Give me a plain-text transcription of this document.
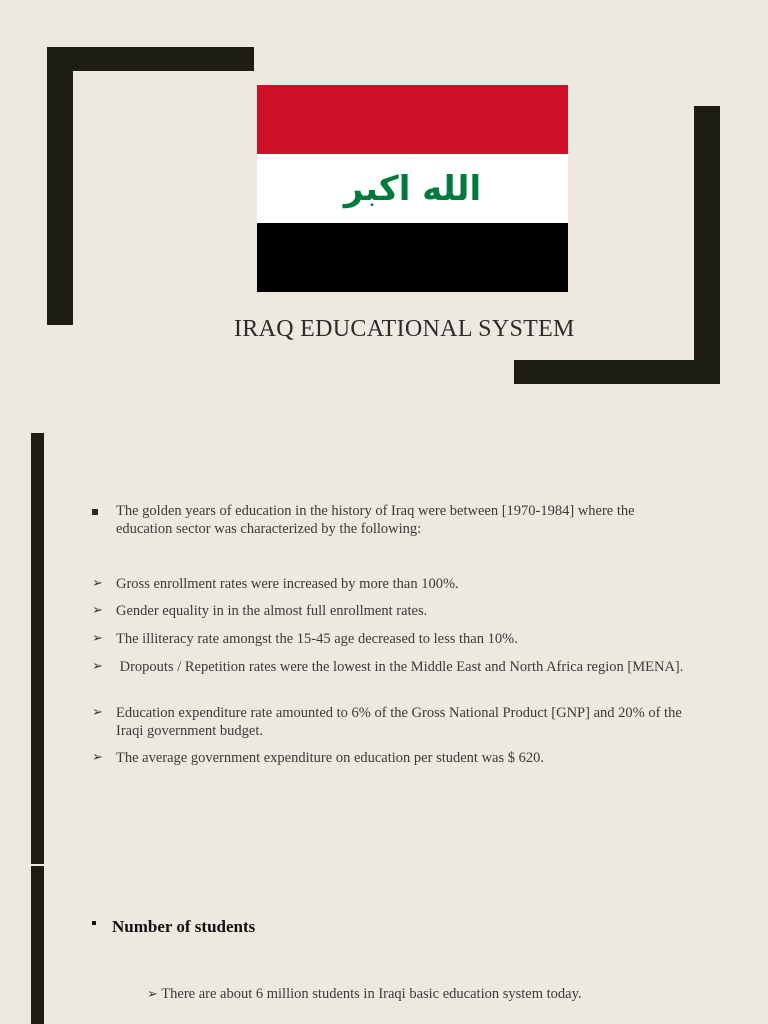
الله اكبر
IRAQ EDUCATIONAL SYSTEM
The golden years of education in the history of Iraq were between [1970-1984] where the education sector was characterized by the following:
➢ Gross enrollment rates were increased by more than 100%.
➢ Gender equality in in the almost full enrollment rates.
➢ The illiteracy rate amongst the 15-45 age decreased to less than 10%.
➢ Dropouts / Repetition rates were the lowest in the Middle East and North Africa region [MENA].
➢ Education expenditure rate amounted to 6% of the Gross National Product [GNP] and 20% of the Iraqi government budget.
➢ The average government expenditure on education per student was $ 620.
Number of students
➢ There are about 6 million students in Iraqi basic education system today.
